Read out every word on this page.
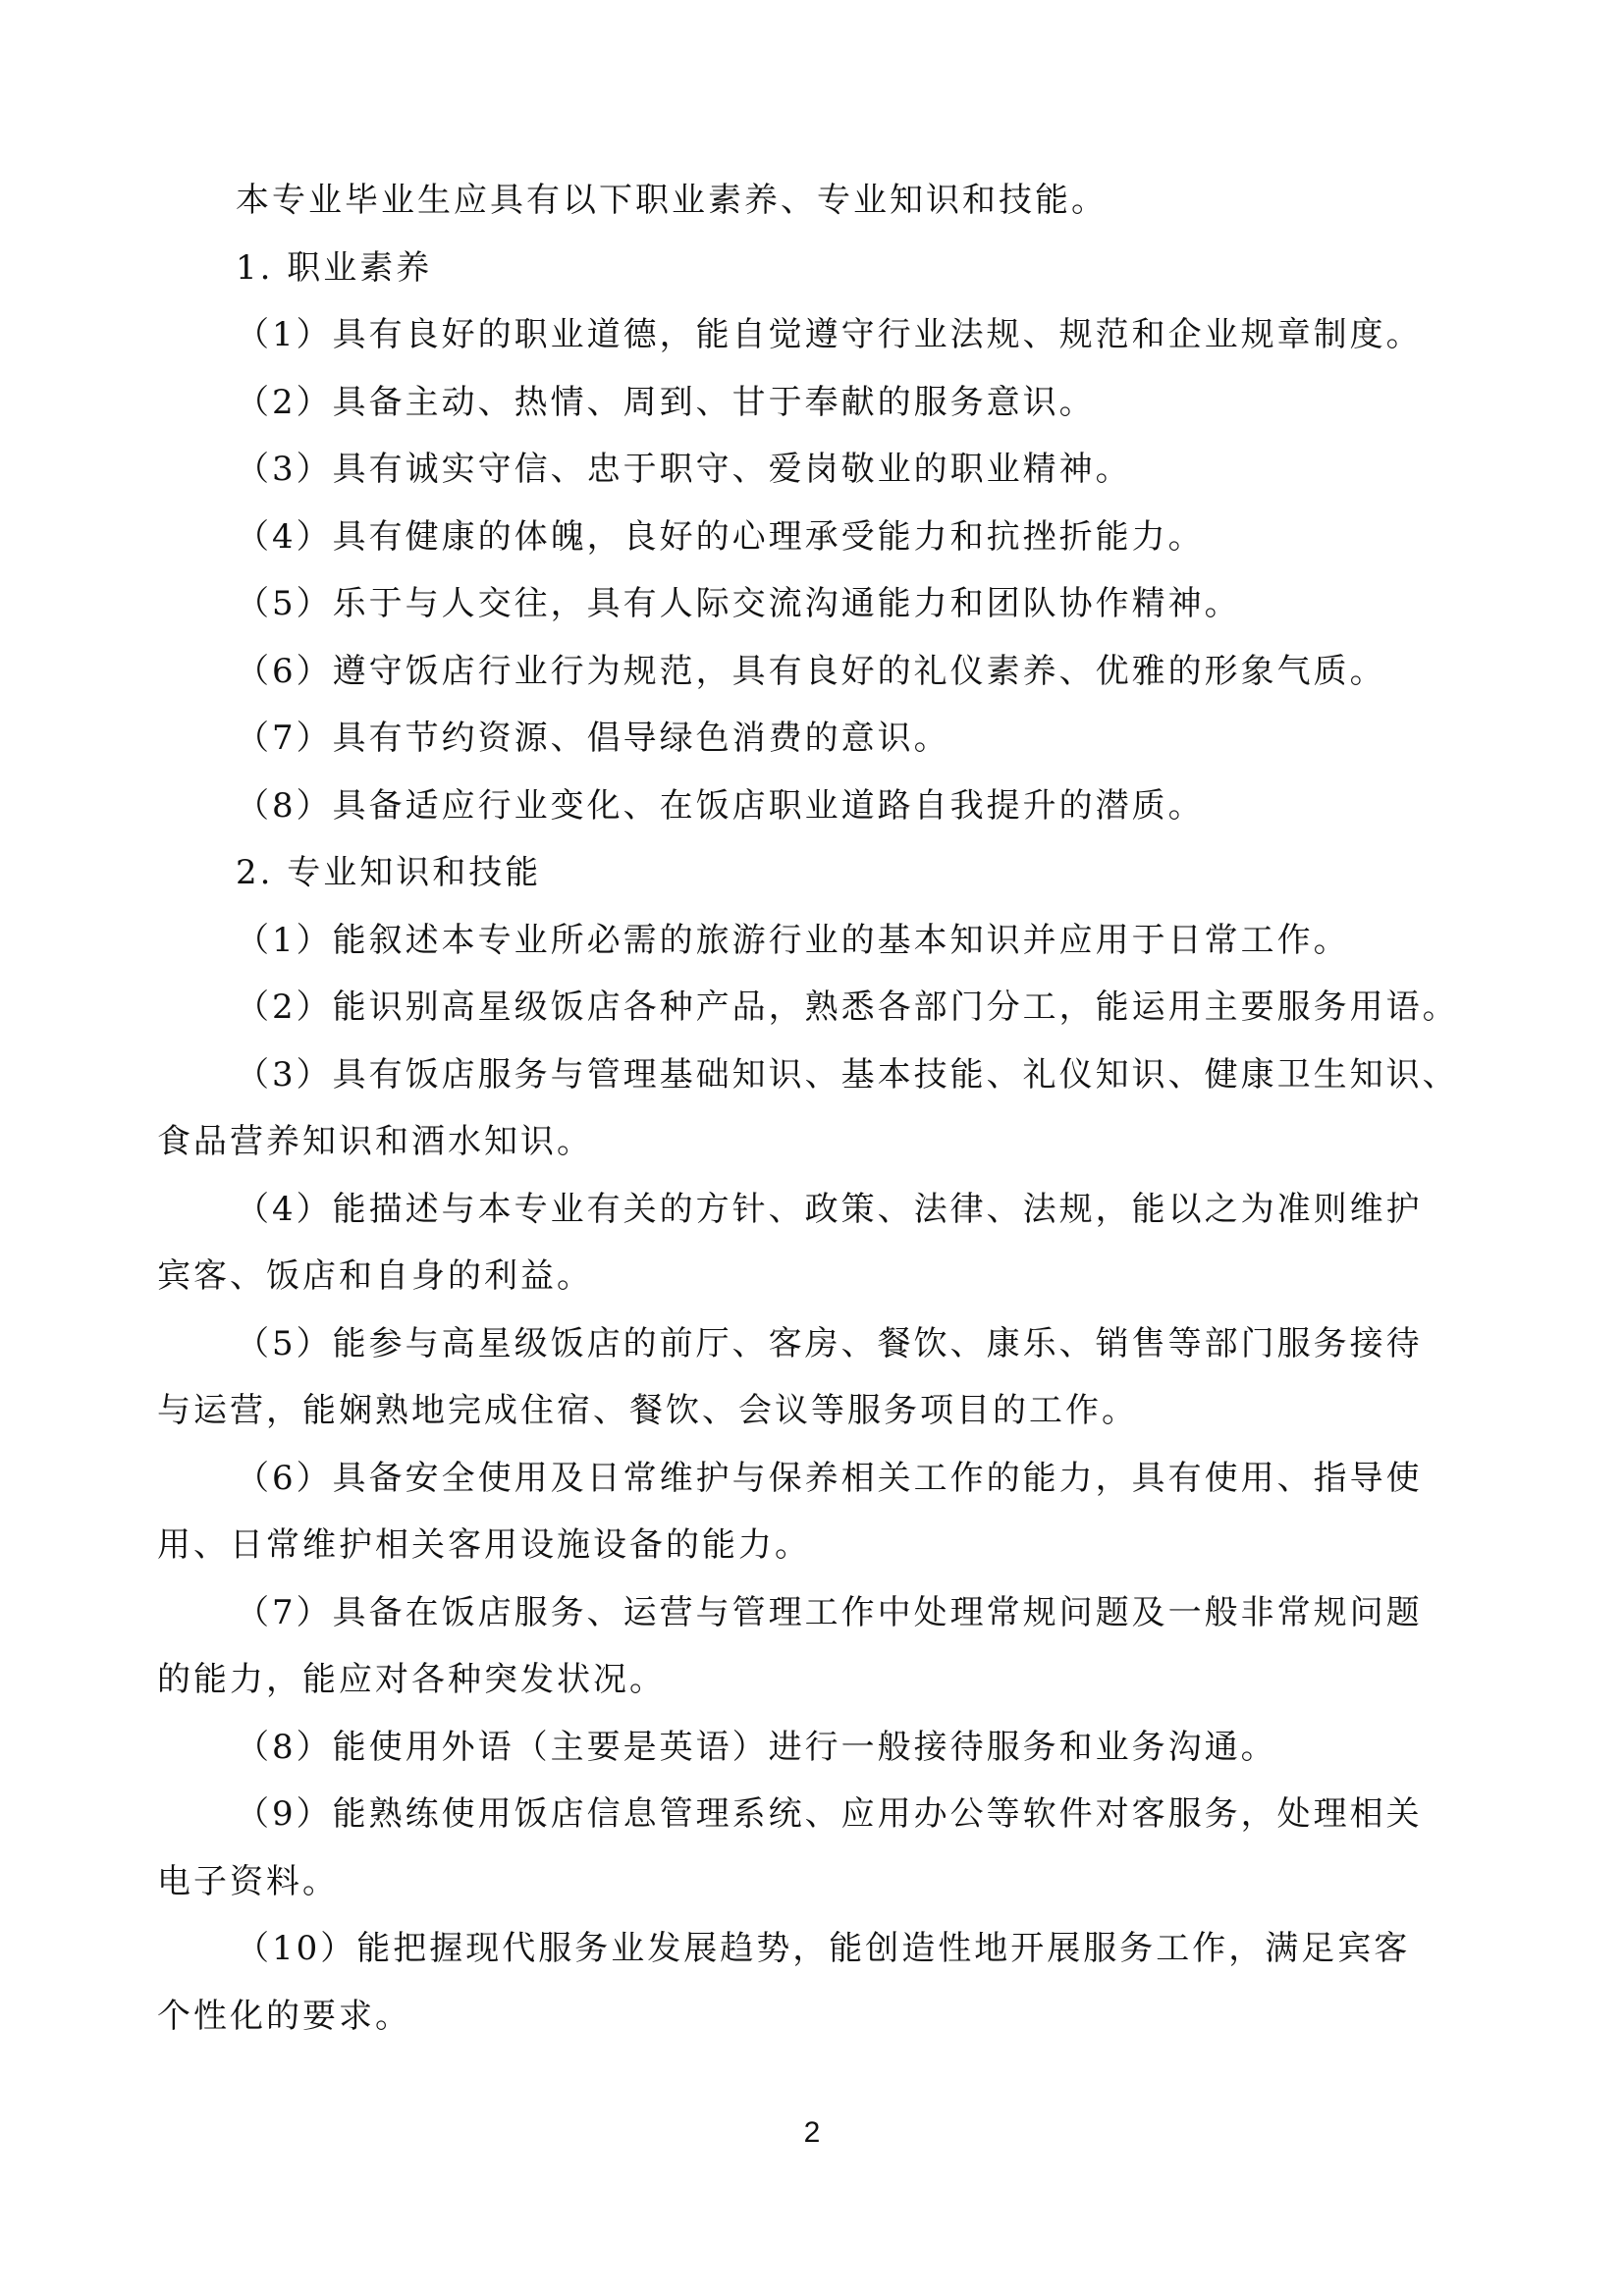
本专业毕业生应具有以下职业素养、专业知识和技能。

1. 职业素养

（1）具有良好的职业道德，能自觉遵守行业法规、规范和企业规章制度。

（2）具备主动、热情、周到、甘于奉献的服务意识。

（3）具有诚实守信、忠于职守、爱岗敬业的职业精神。

（4）具有健康的体魄，良好的心理承受能力和抗挫折能力。

（5）乐于与人交往，具有人际交流沟通能力和团队协作精神。

（6）遵守饭店行业行为规范，具有良好的礼仪素养、优雅的形象气质。

（7）具有节约资源、倡导绿色消费的意识。

（8）具备适应行业变化、在饭店职业道路自我提升的潜质。

2. 专业知识和技能

（1）能叙述本专业所必需的旅游行业的基本知识并应用于日常工作。

（2）能识别高星级饭店各种产品，熟悉各部门分工，能运用主要服务用语。

（3）具有饭店服务与管理基础知识、基本技能、礼仪知识、健康卫生知识、

食品营养知识和酒水知识。

（4）能描述与本专业有关的方针、政策、法律、法规，能以之为准则维护

宾客、饭店和自身的利益。

（5）能参与高星级饭店的前厅、客房、餐饮、康乐、销售等部门服务接待

与运营，能娴熟地完成住宿、餐饮、会议等服务项目的工作。

（6）具备安全使用及日常维护与保养相关工作的能力，具有使用、指导使

用、日常维护相关客用设施设备的能力。

（7）具备在饭店服务、运营与管理工作中处理常规问题及一般非常规问题

的能力，能应对各种突发状况。

（8）能使用外语（主要是英语）进行一般接待服务和业务沟通。

（9）能熟练使用饭店信息管理系统、应用办公等软件对客服务，处理相关

电子资料。

（10）能把握现代服务业发展趋势，能创造性地开展服务工作，满足宾客

个性化的要求。

2
